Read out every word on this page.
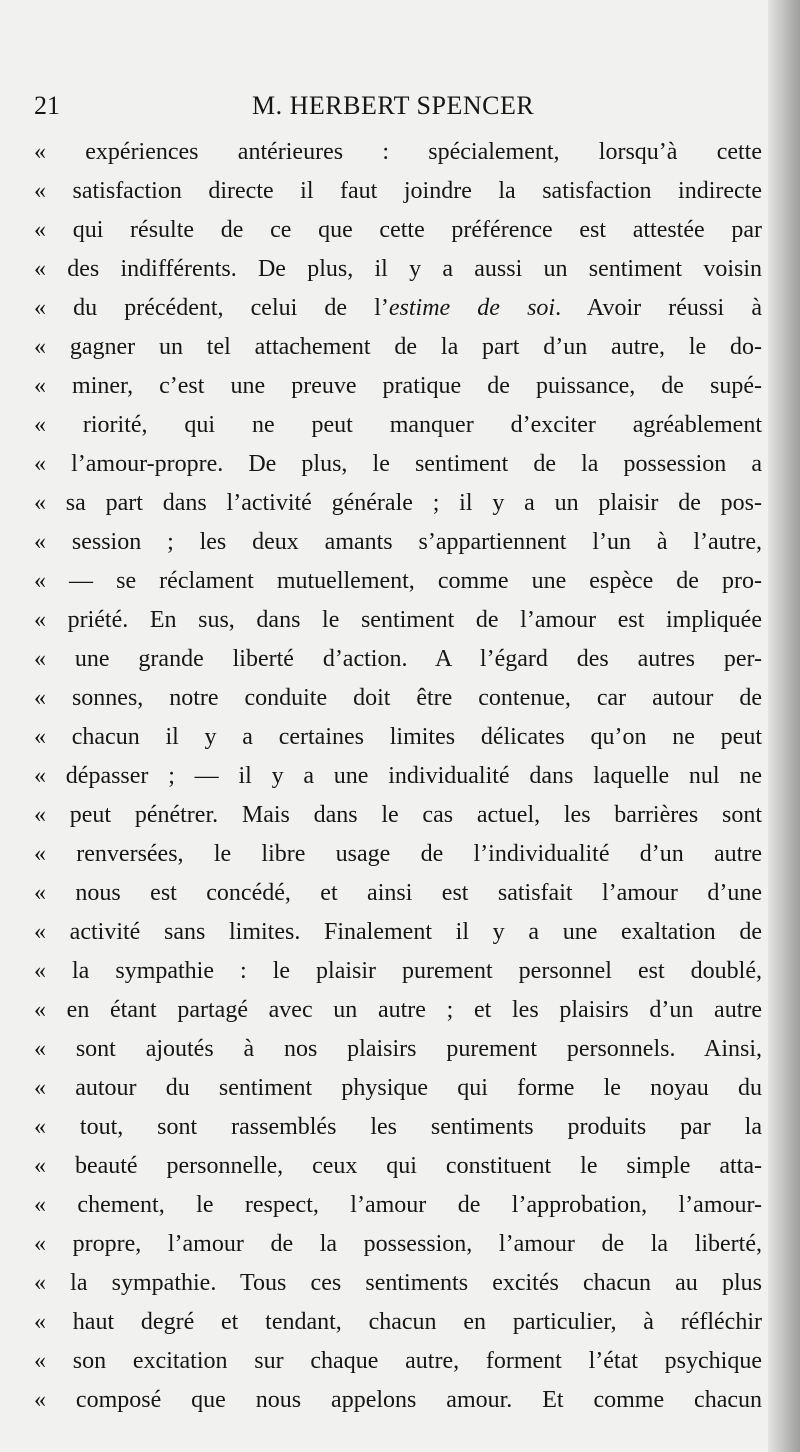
21	M. HERBERT SPENCER
« expériences antérieures : spécialement, lorsqu’à cette
« satisfaction directe il faut joindre la satisfaction indirecte
« qui résulte de ce que cette préférence est attestée par
« des indifférents. De plus, il y a aussi un sentiment voisin
« du précédent, celui de l’estime de soi. Avoir réussi à
« gagner un tel attachement de la part d’un autre, le do-
« miner, c’est une preuve pratique de puissance, de supé-
« riorité, qui ne peut manquer d’exciter agréablement
« l’amour-propre. De plus, le sentiment de la possession a
« sa part dans l’activité générale ; il y a un plaisir de pos-
« session ; les deux amants s’appartiennent l’un à l’autre,
« — se réclament mutuellement, comme une espèce de pro-
« priété. En sus, dans le sentiment de l’amour est impliquée
« une grande liberté d’action. A l’égard des autres per-
« sonnes, notre conduite doit être contenue, car autour de
« chacun il y a certaines limites délicates qu’on ne peut
« dépasser ; — il y a une individualité dans laquelle nul ne
« peut pénétrer. Mais dans le cas actuel, les barrières sont
« renversées, le libre usage de l’individualité d’un autre
« nous est concédé, et ainsi est satisfait l’amour d’une
« activité sans limites. Finalement il y a une exaltation de
« la sympathie : le plaisir purement personnel est doublé,
« en étant partagé avec un autre ; et les plaisirs d’un autre
« sont ajoutés à nos plaisirs purement personnels. Ainsi,
« autour du sentiment physique qui forme le noyau du
« tout, sont rassemblés les sentiments produits par la
« beauté personnelle, ceux qui constituent le simple atta-
« chement, le respect, l’amour de l’approbation, l’amour-
« propre, l’amour de la possession, l’amour de la liberté,
« la sympathie. Tous ces sentiments excités chacun au plus
« haut degré et tendant, chacun en particulier, à réfléchir
« son excitation sur chaque autre, forment l’état psychique
« composé que nous appelons amour. Et comme chacun
